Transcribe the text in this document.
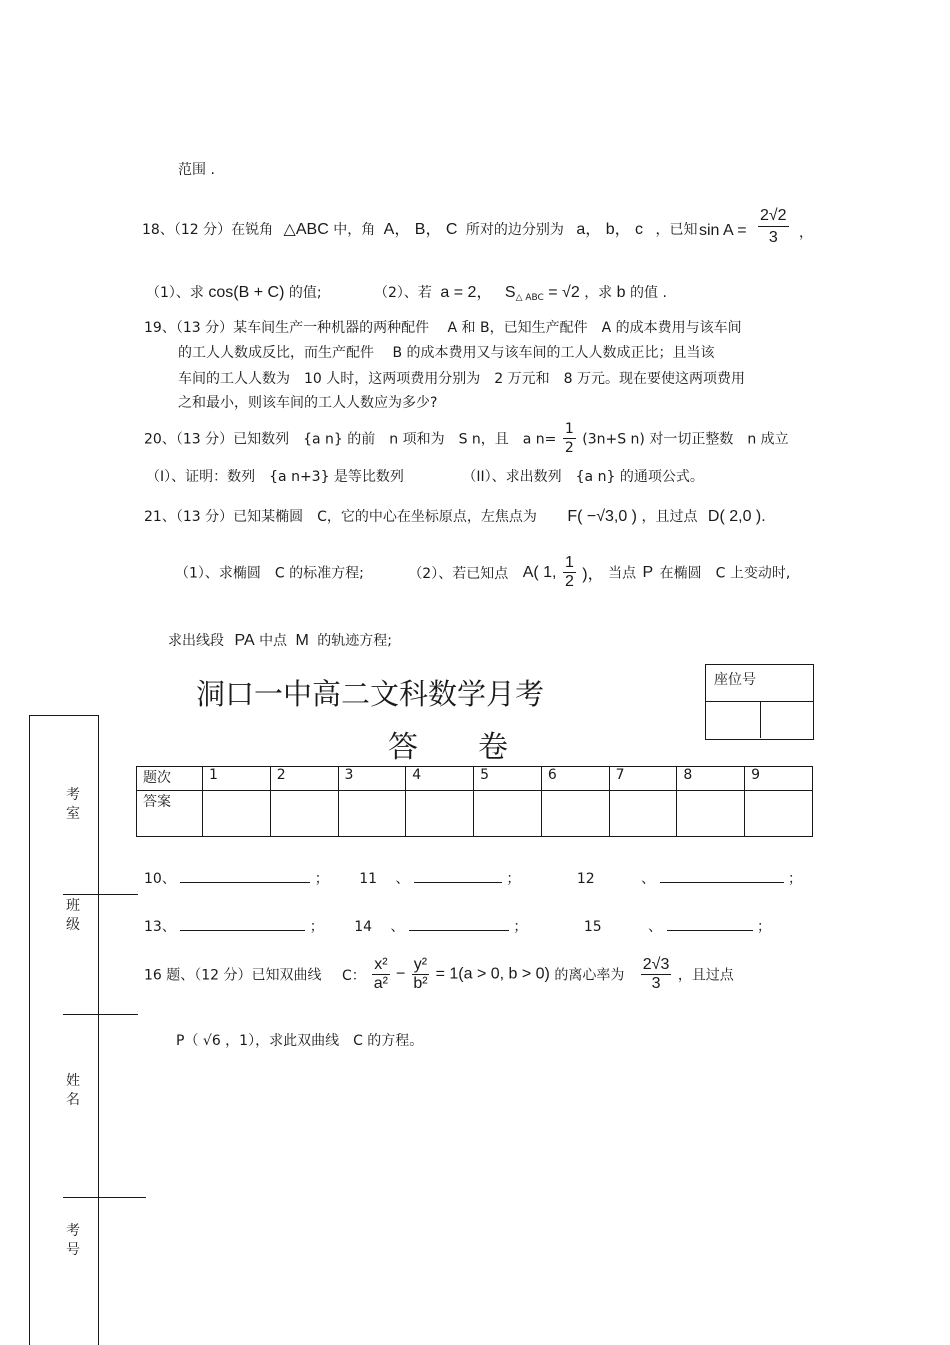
范围 .
18、（12 分）在锐角 △ABC 中，角 A， B， C 所对的边分别为 a， b， c ，已知 $\sin A = \frac{2√2}{3}$ ，
（1）、求 cos(B + C) 的值;	（2）、若 a = 2， $S_{\triangle ABC} = √2$ ，求 b 的值 .
19、（13 分）某车间生产一种机器的两种配件　 A 和 B，已知生产配件　A 的成本费用与该车间
的工人人数成反比，而生产配件　 B 的成本费用又与该车间的工人人数成正比；且当该
车间的工人人数为　10 人时，这两项费用分别为　2 万元和　8 万元。现在要使这两项费用
之和最小，则该车间的工人人数应为多少?
20、（13 分）已知数列　{a n} 的前　n 项和为　S n，且　a $n= \frac{1}{2} (3n+S$ n) 对一切正整数　n 成立
（I）、证明：数列　{a n+3} 是等比数列	（II）、求出数列　{a n} 的通项公式。
21、（13 分）已知某椭圆　C，它的中心在坐标原点，左焦点为 F( −√3,0 ) ，且过点 D( 2,0 ).
（1）、求椭圆　C 的标准方程;	（2）、若已知点 A( 1, $\frac{1}{2}$ )， 当点 P 在椭圆　C 上变动时,
求出线段 PA 中点 M 的轨迹方程;
洞口一中高二文科数学月考
答卷
座位号
考室
班级
姓名
考号
题次	1	2	3	4	5	6	7	8	9
答案									
10、	； 11　 、	；	12　　　 、	；
13、	； 14　 、	；	15　　　 、	；
16 题、（12 分）已知双曲线 C： $\frac{\text{x²}}{\text{a²}} - \frac{\text{y²}}{\text{b²}} = 1(a > 0$, b > 0) 的离心率为 $\frac{2√3}{3}$ ，且过点
P（ √6 ，1），求此双曲线　C 的方程。
